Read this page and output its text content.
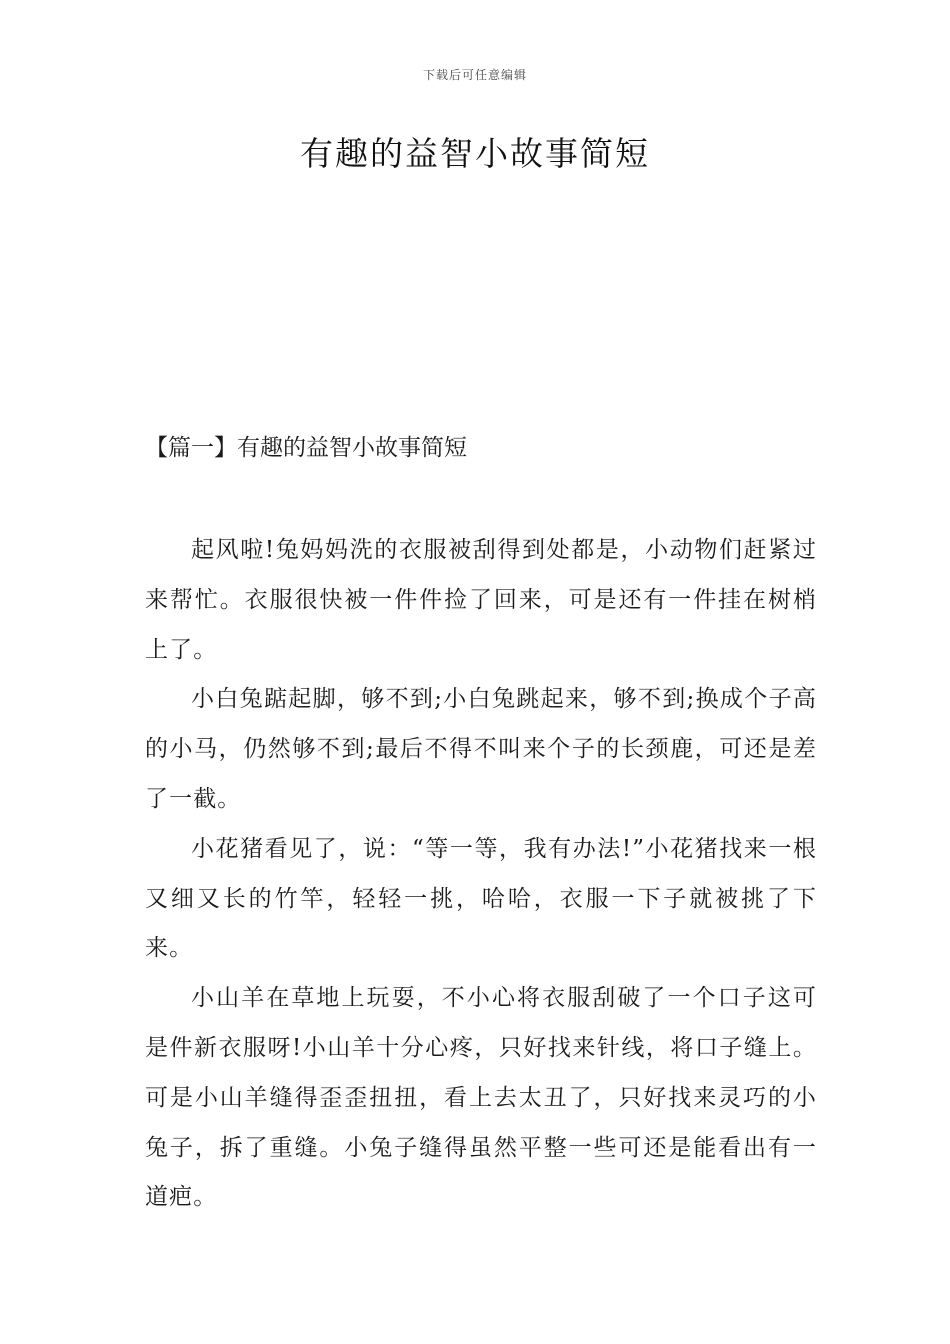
下载后可任意编辑
有趣的益智小故事简短
【篇一】有趣的益智小故事简短

起风啦!兔妈妈洗的衣服被刮得到处都是，小动物们赶紧过来帮忙。衣服很快被一件件捡了回来，可是还有一件挂在树梢上了。

小白兔踮起脚，够不到;小白兔跳起来，够不到;换成个子高的小马，仍然够不到;最后不得不叫来个子的长颈鹿，可还是差了一截。

小花猪看见了，说：“等一等，我有办法!”小花猪找来一根又细又长的竹竿，轻轻一挑，哈哈，衣服一下子就被挑了下来。

小山羊在草地上玩耍，不小心将衣服刮破了一个口子这可是件新衣服呀!小山羊十分心疼，只好找来针线，将口子缝上。可是小山羊缝得歪歪扭扭，看上去太丑了，只好找来灵巧的小兔子，拆了重缝。小兔子缝得虽然平整一些可还是能看出有一道疤。
